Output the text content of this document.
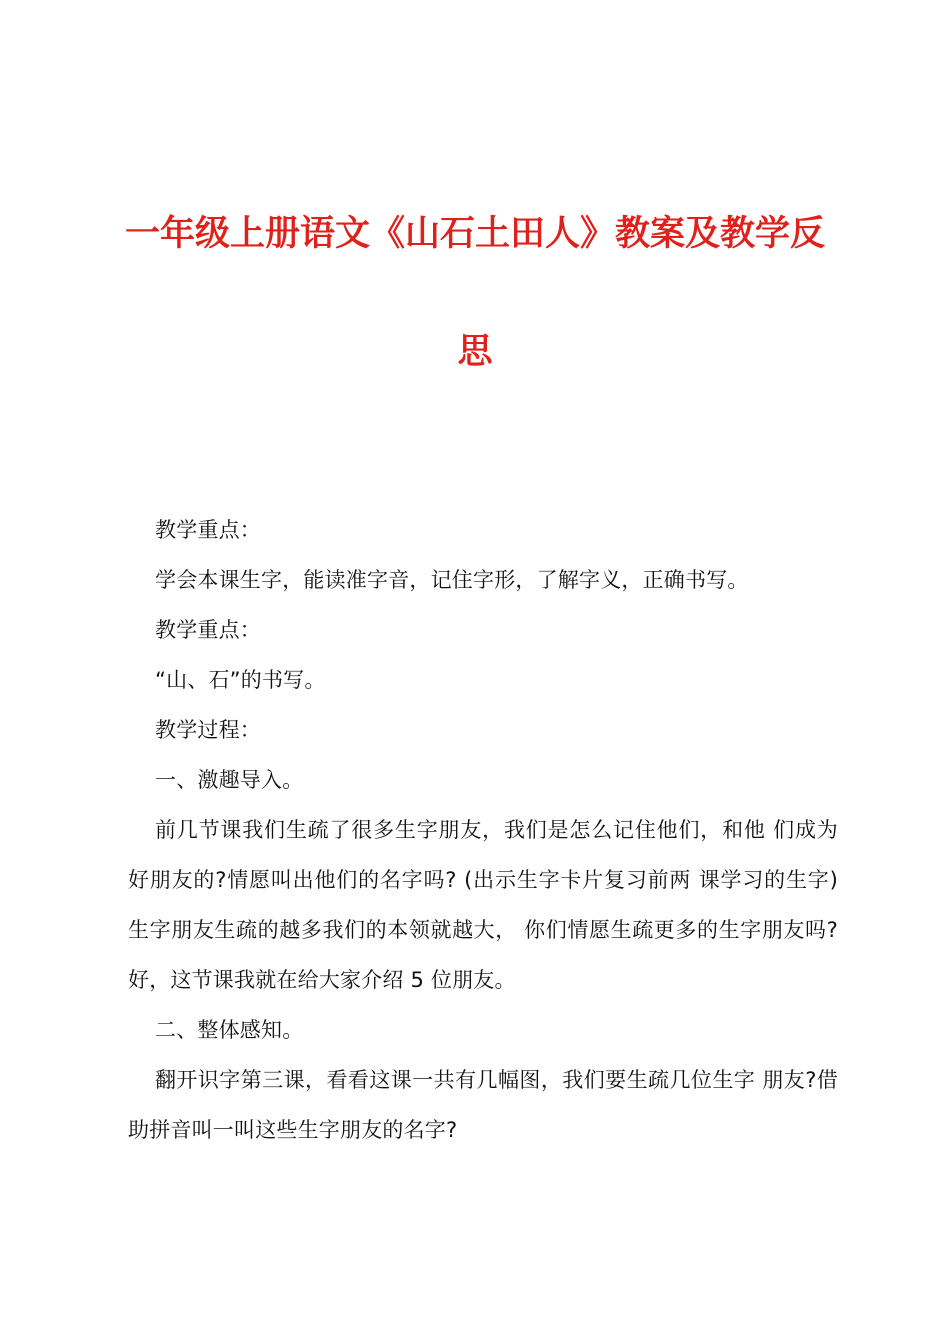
一年级上册语文《山石土田人》教案及教学反
思

教学重点：

学会本课生字，能读准字音，记住字形，了解字义，正确书写。

教学重点：

“山、石”的书写。

教学过程：

一、激趣导入。

前几节课我们生疏了很多生字朋友，我们是怎么记住他们，和他 们成为好朋友的?情愿叫出他们的名字吗? (出示生字卡片复习前两 课学习的生字) 生字朋友生疏的越多我们的本领就越大， 你们情愿生疏更多的生字朋友吗?好，这节课我就在给大家介绍 5 位朋友。

二、整体感知。

翻开识字第三课，看看这课一共有几幅图，我们要生疏几位生字 朋友?借助拼音叫一叫这些生字朋友的名字?
